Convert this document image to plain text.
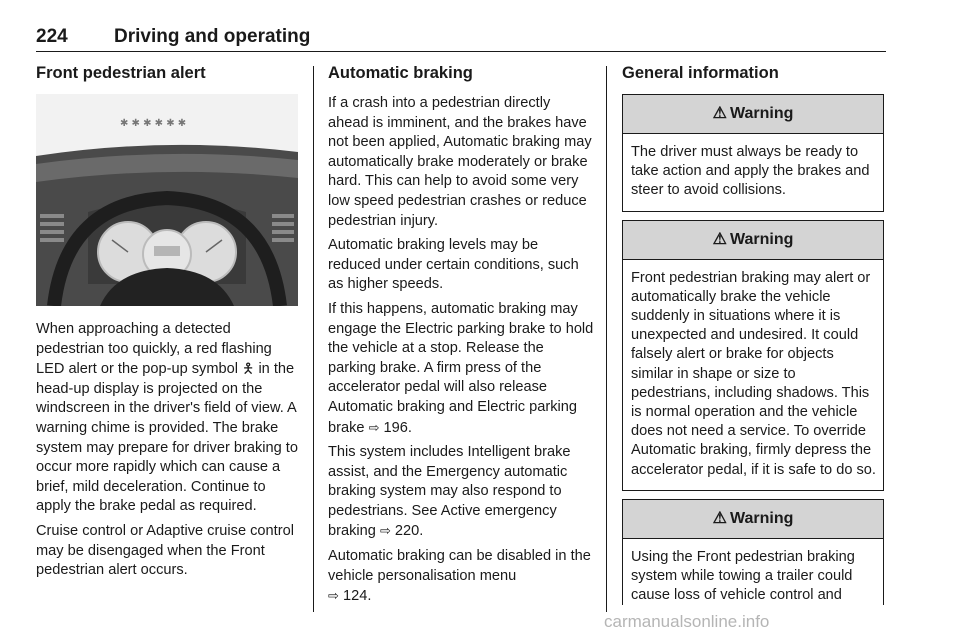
224 Driving and operating
Front pedestrian alert
✱ ✱ ✱ ✱ ✱ ✱

When approaching a detected pedestrian too quickly, a red flashing LED alert or the pop-up symbol 🯅 in the head-up display is projected on the windscreen in the driver's field of view. A warning chime is provided. The brake system may prepare for driver braking to occur more rapidly which can cause a brief, mild deceleration. Continue to apply the brake pedal as required.

Cruise control or Adaptive cruise control may be disengaged when the Front pedestrian alert occurs.

Automatic braking

If a crash into a pedestrian directly ahead is imminent, and the brakes have not been applied, Automatic braking may automatically brake moderately or brake hard. This can help to avoid some very low speed pedestrian crashes or reduce pedestrian injury.

Automatic braking levels may be reduced under certain conditions, such as higher speeds.

If this happens, automatic braking may engage the Electric parking brake to hold the vehicle at a stop. Release the parking brake. A firm press of the accelerator pedal will also release Automatic braking and Electric parking brake ⇨ 196.

This system includes Intelligent brake assist, and the Emergency automatic braking system may also respond to pedestrians. See Active emergency braking ⇨ 220.

Automatic braking can be disabled in the vehicle personalisation menu
⇨ 124.

General information
⚠ Warning
The driver must always be ready to take action and apply the brakes and steer to avoid collisions.
⚠ Warning
Front pedestrian braking may alert or automatically brake the vehicle suddenly in situations where it is unexpected and undesired. It could falsely alert or brake for objects similar in shape or size to pedestrians, including shadows. This is normal operation and the vehicle does not need a service. To override Automatic braking, firmly depress the accelerator pedal, if it is safe to do so.
⚠ Warning
Using the Front pedestrian braking system while towing a trailer could cause loss of vehicle control and
carmanualsonline.info
